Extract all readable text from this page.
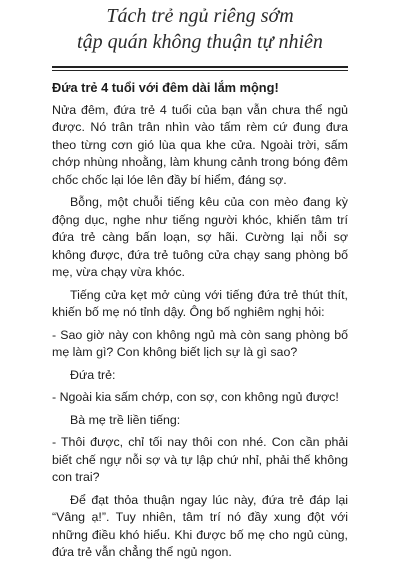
Tách trẻ ngủ riêng sớm
tập quán không thuận tự nhiên

Đứa trẻ 4 tuổi với đêm dài lắm mộng!

Nửa đêm, đứa trẻ 4 tuổi của bạn vẫn chưa thể ngủ được. Nó trân trân nhìn vào tấm rèm cứ đung đưa theo từng cơn gió lùa qua khe cửa. Ngoài trời, sấm chớp nhùng nhoằng, làm khung cảnh trong bóng đêm chốc chốc lại lóe lên đầy bí hiểm, đáng sợ.

Bỗng, một chuỗi tiếng kêu của con mèo đang kỳ động dục, nghe như tiếng người khóc, khiến tâm trí đứa trẻ càng bấn loạn, sợ hãi. Cường lại nỗi sợ không được, đứa trẻ tuông cửa chạy sang phòng bố mẹ, vừa chạy vừa khóc.

Tiếng cửa kẹt mở cùng với tiếng đứa trẻ thút thít, khiến bố mẹ nó tỉnh dậy. Ông bố nghiêm nghị hỏi:

- Sao giờ này con không ngủ mà còn sang phòng bố mẹ làm gì? Con không biết lịch sự là gì sao?

Đứa trẻ:

- Ngoài kia sấm chớp, con sợ, con không ngủ được!

Bà mẹ trề liền tiếng:

- Thôi được, chỉ tối nay thôi con nhé. Con cần phải biết chế ngự nỗi sợ và tự lập chứ nhỉ, phải thế không con trai?

Để đạt thỏa thuận ngay lúc này, đứa trẻ đáp lại “Vâng ạ!”. Tuy nhiên, tâm trí nó đầy xung đột với những điều khó hiểu. Khi được bố mẹ cho ngủ cùng, đứa trẻ vẫn chẳng thể ngủ ngon.
